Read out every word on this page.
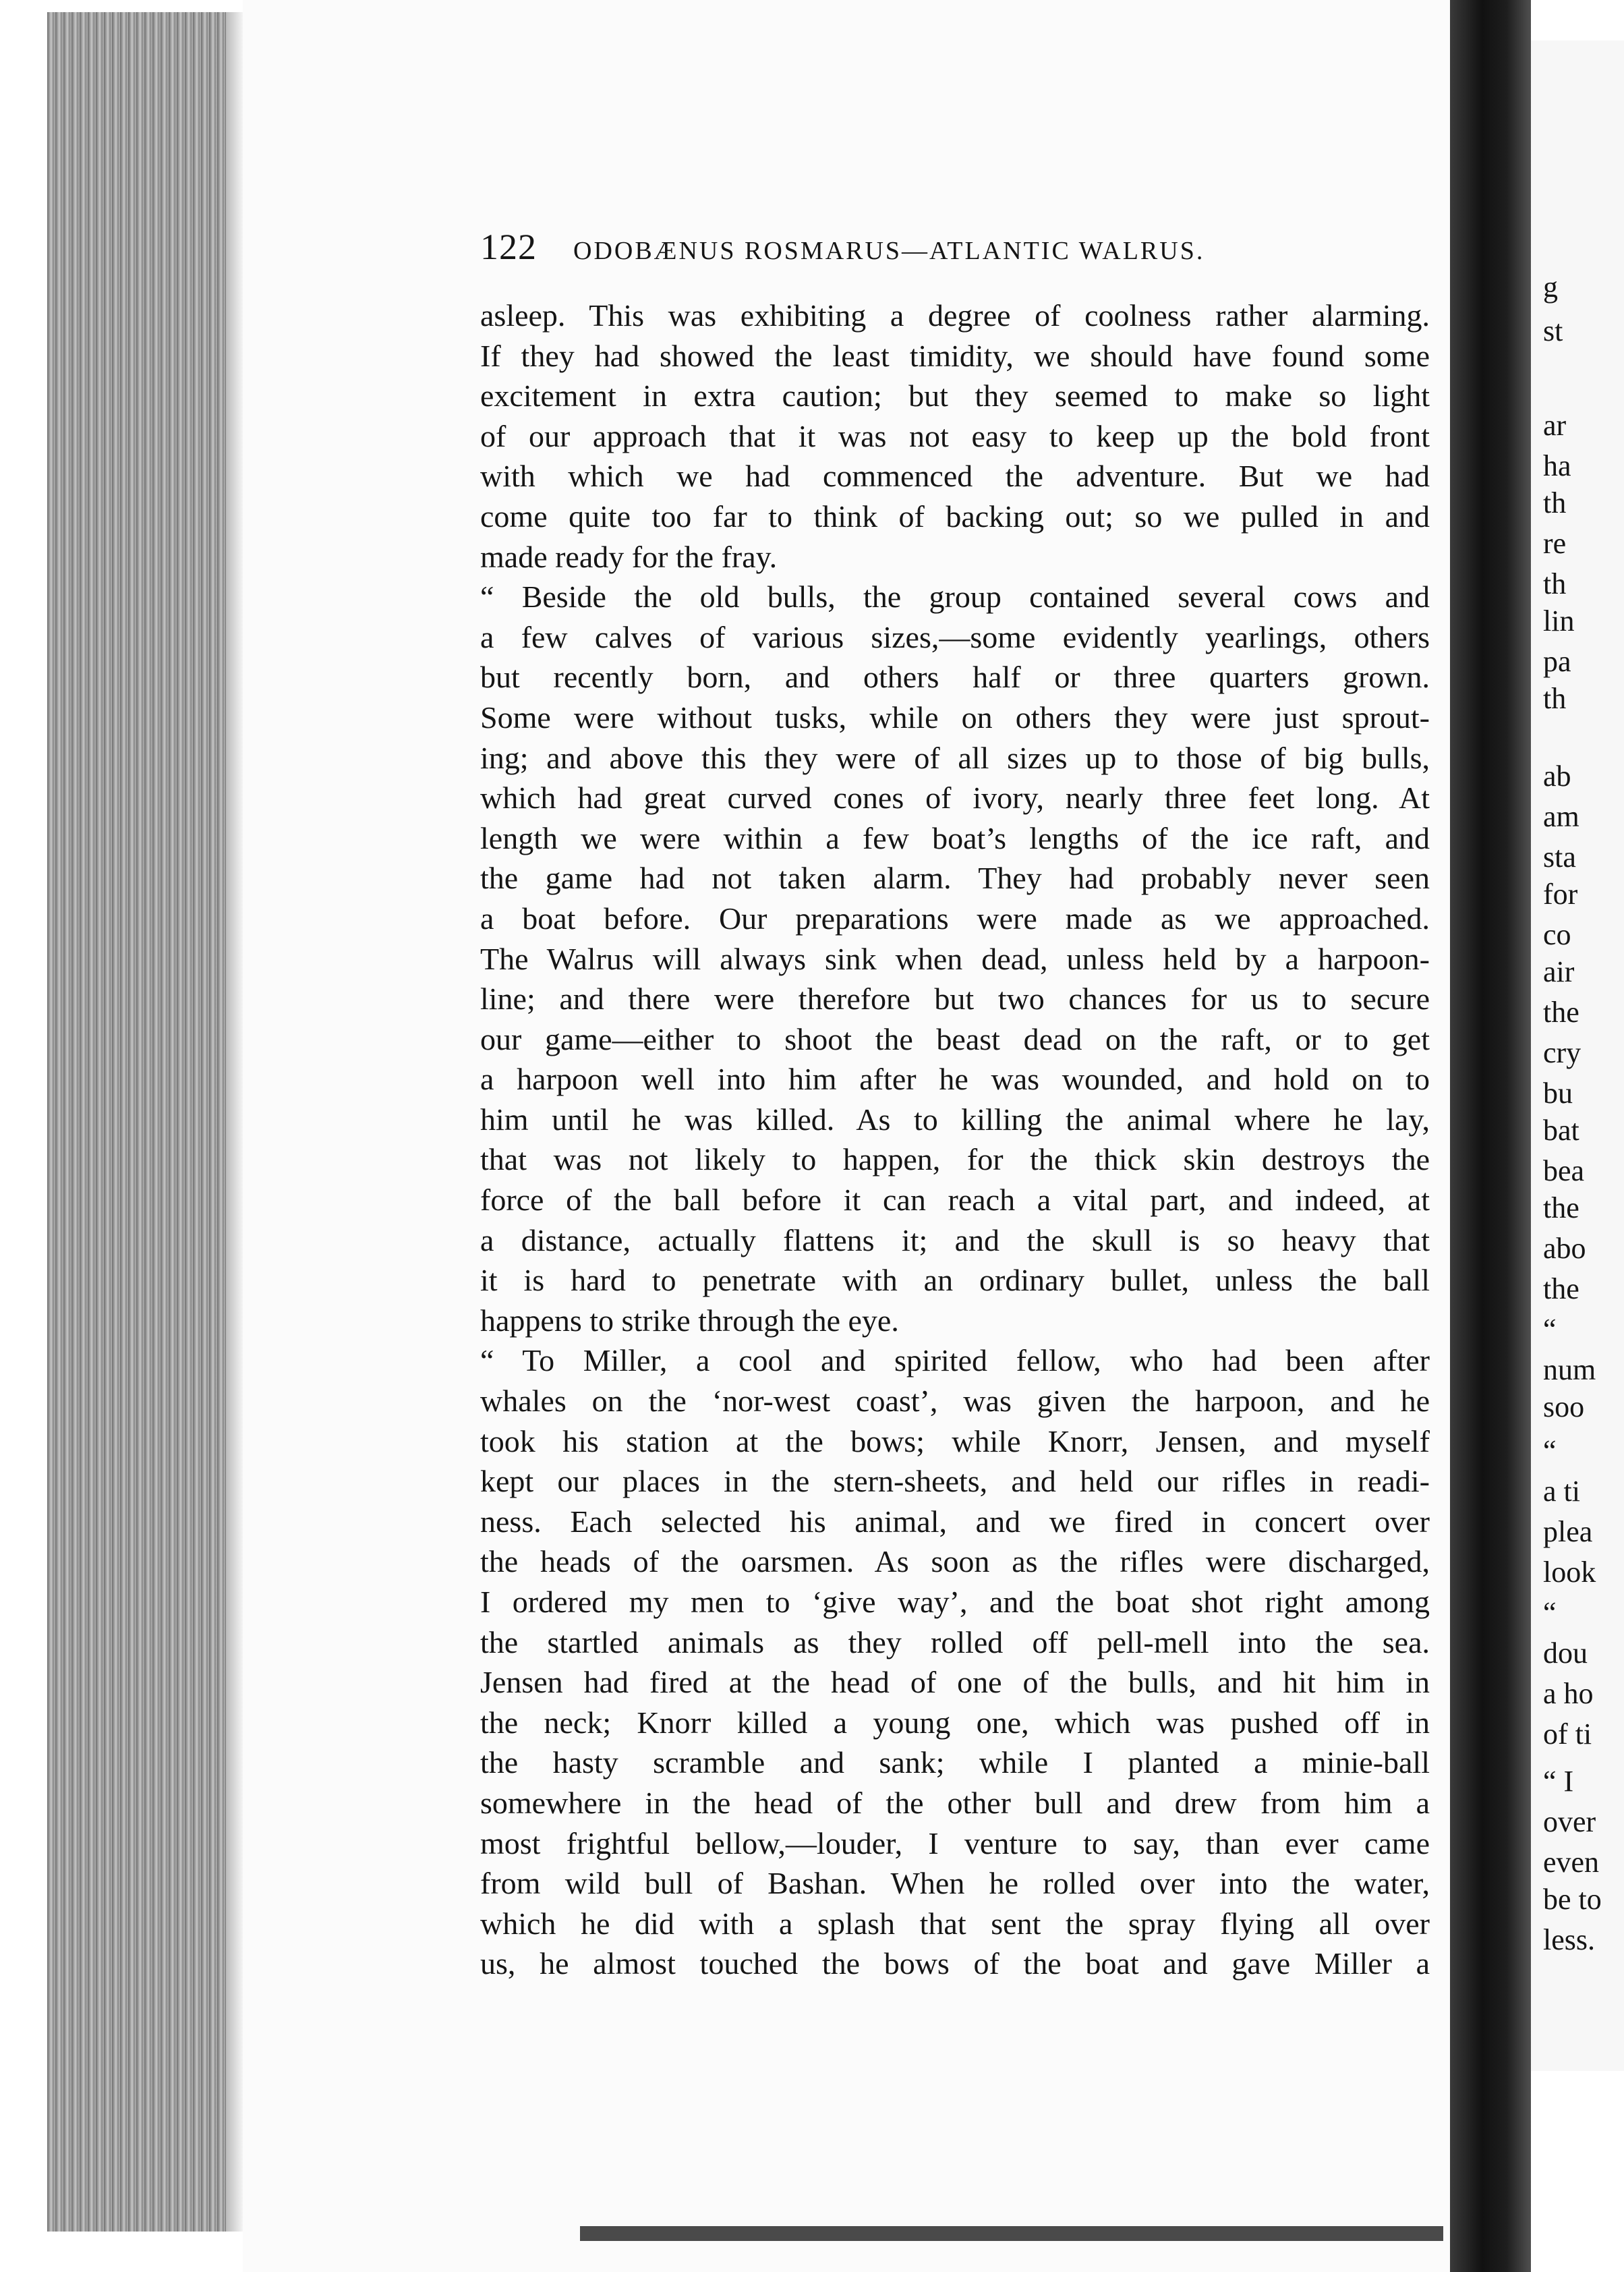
122 ODOBÆNUS ROSMARUS—ATLANTIC WALRUS.
asleep. This was exhibiting a degree of coolness rather alarming.
If they had showed the least timidity, we should have found some
excitement in extra caution; but they seemed to make so light
of our approach that it was not easy to keep up the bold front
with which we had commenced the adventure. But we had
come quite too far to think of backing out; so we pulled in and
made ready for the fray.
“ Beside the old bulls, the group contained several cows and
a few calves of various sizes,—some evidently yearlings, others
but recently born, and others half or three quarters grown.
Some were without tusks, while on others they were just sprout-
ing; and above this they were of all sizes up to those of big bulls,
which had great curved cones of ivory, nearly three feet long. At
length we were within a few boat’s lengths of the ice raft, and
the game had not taken alarm. They had probably never seen
a boat before. Our preparations were made as we approached.
The Walrus will always sink when dead, unless held by a harpoon-
line; and there were therefore but two chances for us to secure
our game—either to shoot the beast dead on the raft, or to get
a harpoon well into him after he was wounded, and hold on to
him until he was killed. As to killing the animal where he lay,
that was not likely to happen, for the thick skin destroys the
force of the ball before it can reach a vital part, and indeed, at
a distance, actually flattens it; and the skull is so heavy that
it is hard to penetrate with an ordinary bullet, unless the ball
happens to strike through the eye.
“ To Miller, a cool and spirited fellow, who had been after
whales on the ‘nor-west coast’, was given the harpoon, and he
took his station at the bows; while Knorr, Jensen, and myself
kept our places in the stern-sheets, and held our rifles in readi-
ness. Each selected his animal, and we fired in concert over
the heads of the oarsmen. As soon as the rifles were discharged,
I ordered my men to ‘give way’, and the boat shot right among
the startled animals as they rolled off pell-mell into the sea.
Jensen had fired at the head of one of the bulls, and hit him in
the neck; Knorr killed a young one, which was pushed off in
the hasty scramble and sank; while I planted a minie-ball
somewhere in the head of the other bull and drew from him a
most frightful bellow,—louder, I venture to say, than ever came
from wild bull of Bashan. When he rolled over into the water,
which he did with a splash that sent the spray flying all over
us, he almost touched the bows of the boat and gave Miller a
g
st
ar
ha
th
re
th
lin
pa
th
ab
am
sta
for
co
air
the
cry
bu
bat
bea
the
abo
the
“
num
soo
“
a ti
plea
look
“
dou
a ho
of ti
“ I
over
even
be to
less.
